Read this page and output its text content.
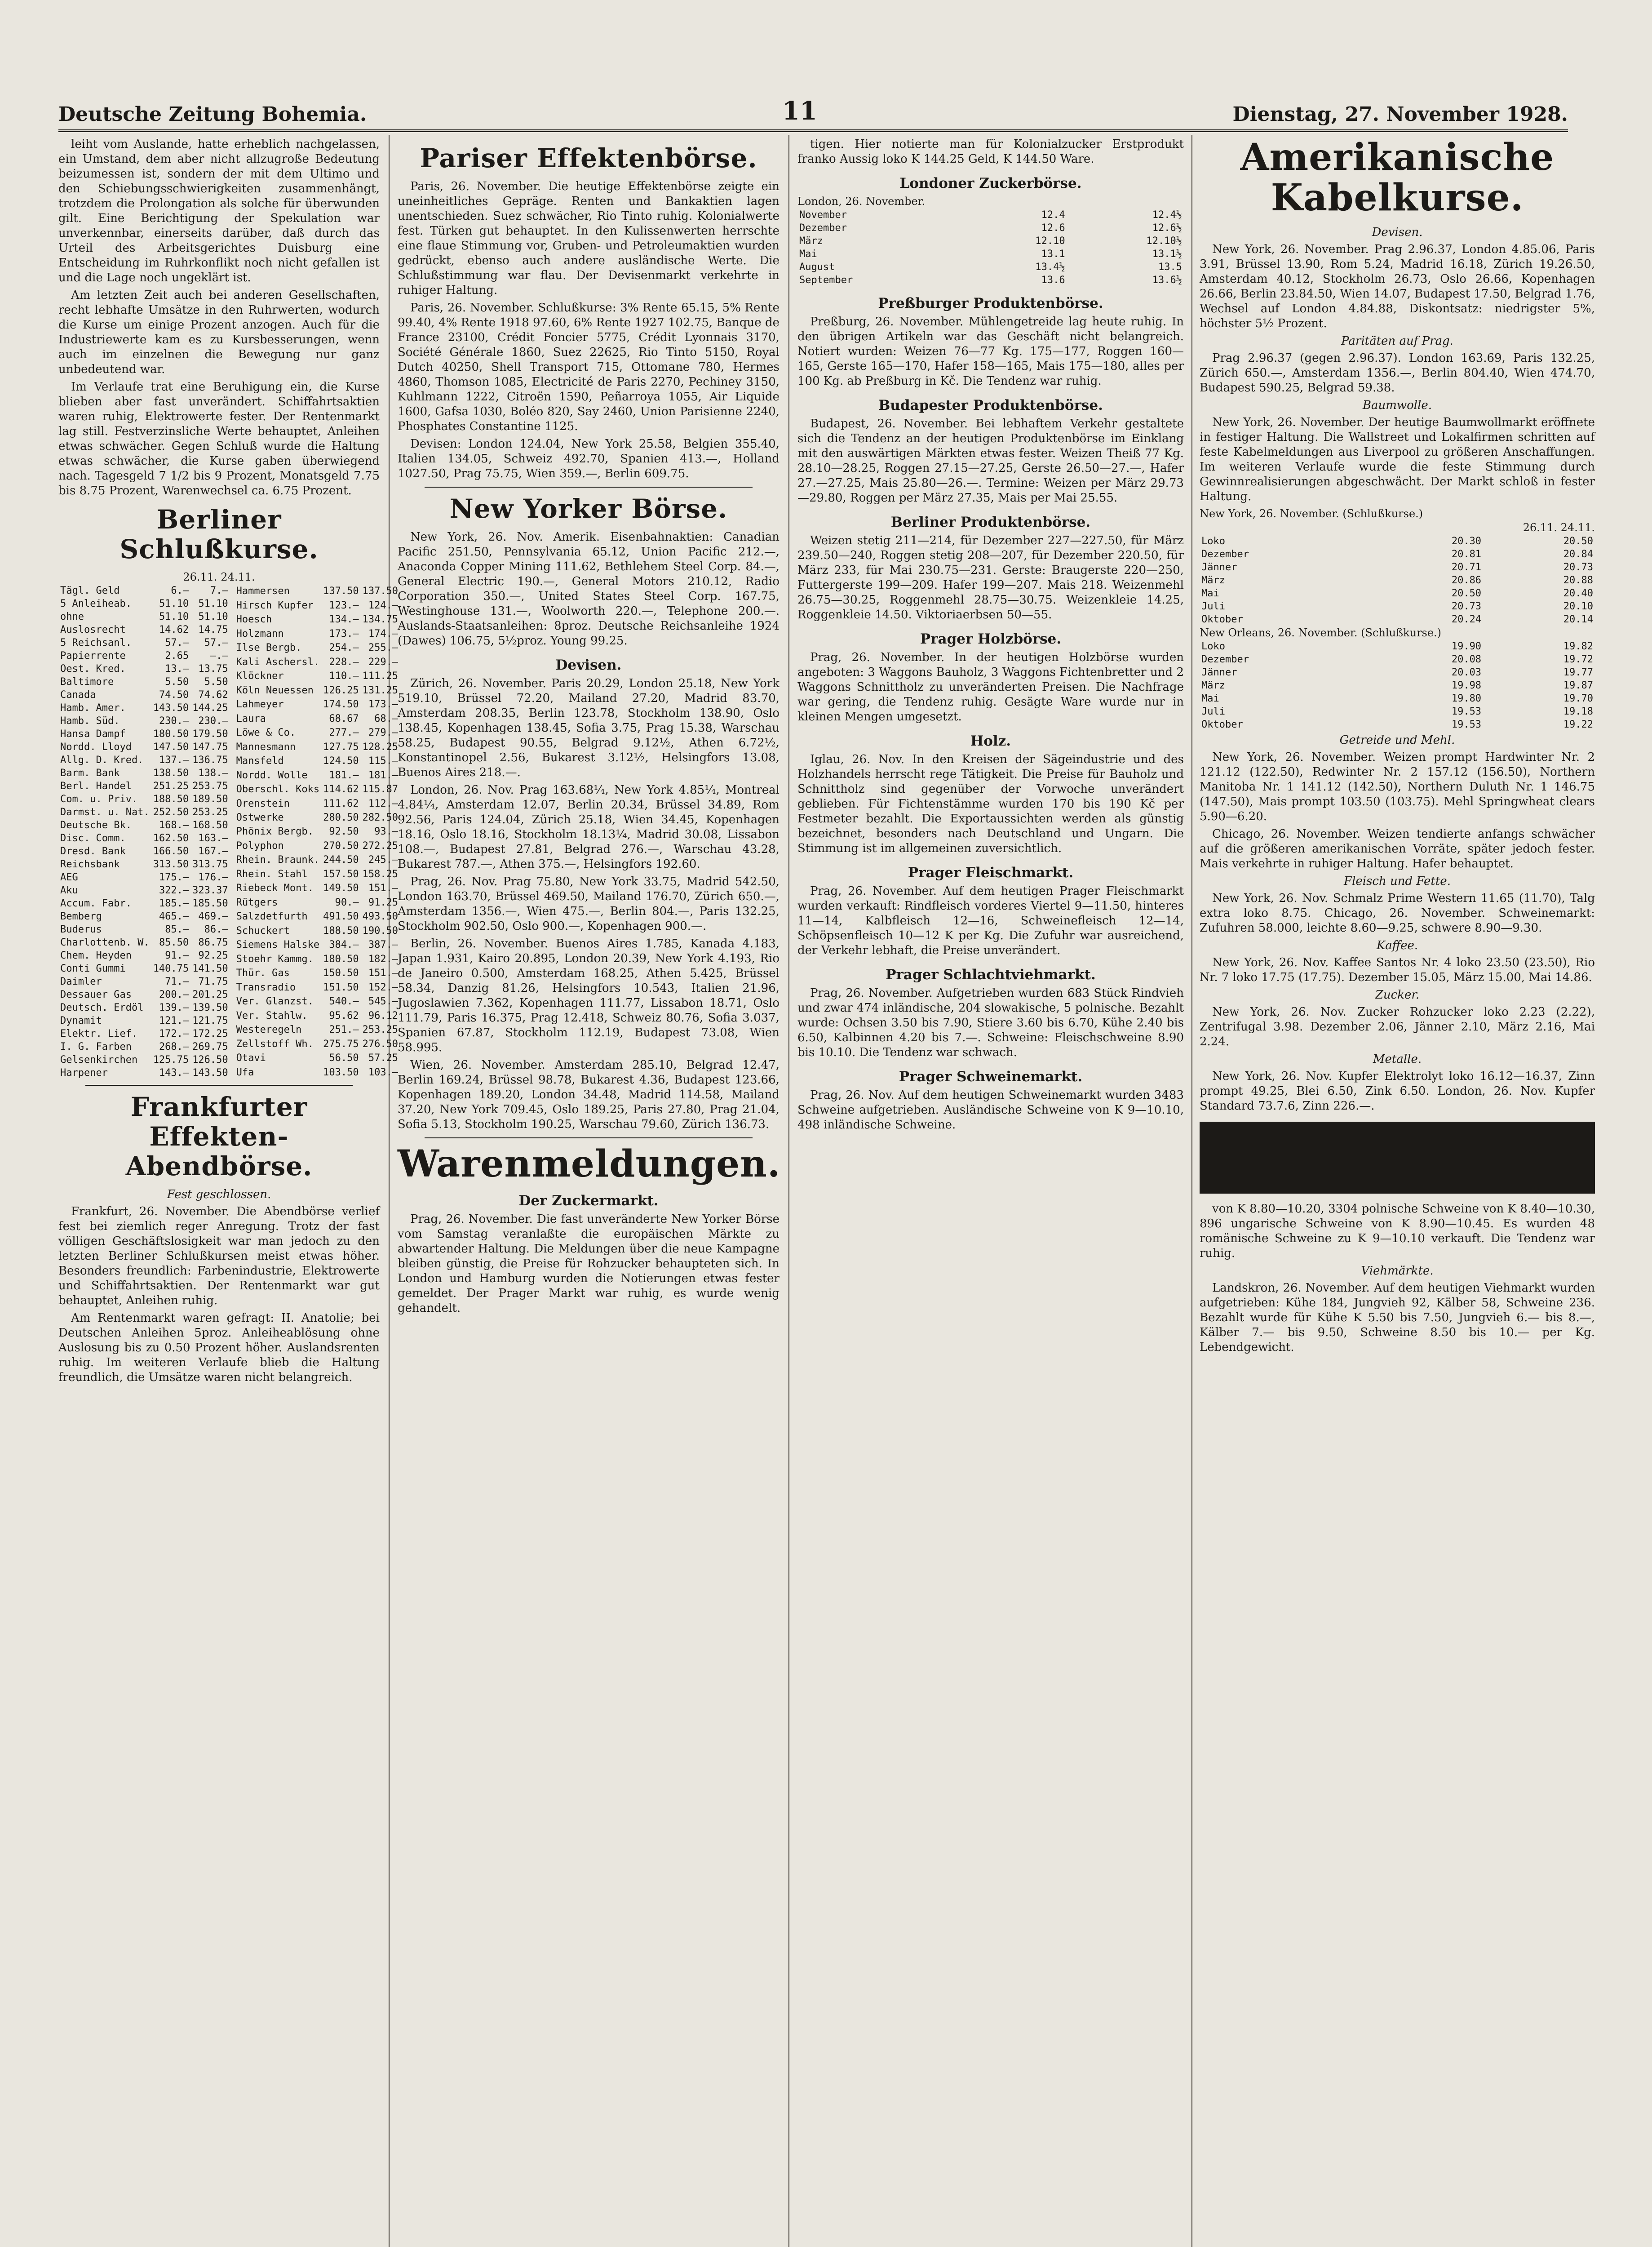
Deutsche Zeitung Bohemia.	11	Dienstag, 27. November 1928.

leiht vom Auslande, hatte erheblich nachgelassen, ein Umstand, dem aber nicht allzugroße Bedeutung beizumessen ist, sondern der mit dem Ultimo und den Schiebungsschwierigkeiten zusammenhängt, trotzdem die Prolongation als solche für überwunden gilt. Eine Berichtigung der Spekulation war unverkennbar, einerseits darüber, daß durch das Urteil des Arbeitsgerichtes Duisburg eine Entscheidung im Ruhrkonflikt noch nicht gefallen ist und die Lage noch ungeklärt ist.

Am letzten Zeit auch bei anderen Gesellschaften, recht lebhafte Umsätze in den Ruhrwerten, wodurch die Kurse um einige Prozent anzogen. Auch für die Industriewerte kam es zu Kursbesserungen, wenn auch im einzelnen die Bewegung nur ganz unbedeutend war.

Im Verlaufe trat eine Beruhigung ein, die Kurse blieben aber fast unverändert. Schiffahrtsaktien waren ruhig, Elektrowerte fester. Der Rentenmarkt lag still. Festverzinsliche Werte behauptet, Anleihen etwas schwächer. Gegen Schluß wurde die Haltung etwas schwächer, die Kurse gaben überwiegend nach. Tagesgeld 7 1/2 bis 9 Prozent, Monatsgeld 7.75 bis 8.75 Prozent, Warenwechsel ca. 6.75 Prozent.

Berliner Schlußkurse.
26.11. 24.11.
Tägl. Geld	6.—	7.—
5 Anleiheab.	51.10	51.10
ohne	51.10	51.10
Auslosrecht	14.62	14.75
5 Reichsanl.	57.—	57.—
Papierrente	2.65	—.—
Oest. Kred.	13.—	13.75
Baltimore	5.50	5.50
Canada	74.50	74.62
Hamb. Amer.	143.50	144.25
Hamb. Süd.	230.—	230.—
Hansa Dampf	180.50	179.50
Nordd. Lloyd	147.50	147.75
Allg. D. Kred.	137.—	136.75
Barm. Bank	138.50	138.—
Berl. Handel	251.25	253.75
Com. u. Priv.	188.50	189.50
Darmst. u. Nat.	252.50	253.25
Deutsche Bk.	168.—	168.50
Disc. Comm.	162.50	163.—
Dresd. Bank	166.50	167.—
Reichsbank	313.50	313.75
AEG	175.—	176.—
Aku	322.—	323.37
Accum. Fabr.	185.—	185.50
Bemberg	465.—	469.—
Buderus	85.—	86.—
Charlottenb. W.	85.50	86.75
Chem. Heyden	91.—	92.25
Conti Gummi	140.75	141.50
Daimler	71.—	71.75
Dessauer Gas	200.—	201.25
Deutsch. Erdöl	139.—	139.50
Dynamit	121.—	121.75
Elektr. Lief.	172.—	172.25
I. G. Farben	268.—	269.75
Gelsenkirchen	125.75	126.50
Harpener	143.—	143.50
Hammersen	137.50	137.50
Hirsch Kupfer	123.—	124.—
Hoesch	134.—	134.75
Holzmann	173.—	174.—
Ilse Bergb.	254.—	255.—
Kali Aschersl.	228.—	229.—
Klöckner	110.—	111.25
Köln Neuessen	126.25	131.25
Lahmeyer	174.50	173.—
Laura	68.67	68.—
Löwe & Co.	277.—	279.—
Mannesmann	127.75	128.25
Mansfeld	124.50	115.—
Nordd. Wolle	181.—	181.—
Oberschl. Koks	114.62	115.87
Orenstein	111.62	112.—
Ostwerke	280.50	282.50
Phönix Bergb.	92.50	93.—
Polyphon	270.50	272.25
Rhein. Braunk.	244.50	245.—
Rhein. Stahl	157.50	158.25
Riebeck Mont.	149.50	151.—
Rütgers	90.—	91.25
Salzdetfurth	491.50	493.50
Schuckert	188.50	190.50
Siemens Halske	384.—	387.—
Stoehr Kammg.	180.50	182.—
Thür. Gas	150.50	151.—
Transradio	151.50	152.—
Ver. Glanzst.	540.—	545.—
Ver. Stahlw.	95.62	96.12
Westeregeln	251.—	253.25
Zellstoff Wh.	275.75	276.50
Otavi	56.50	57.25
Ufa	103.50	103.—
Frankfurter Effekten-Abendbörse.
Fest geschlossen.

Frankfurt, 26. November. Die Abendbörse verlief fest bei ziemlich reger Anregung. Trotz der fast völligen Geschäftslosigkeit war man jedoch zu den letzten Berliner Schlußkursen meist etwas höher. Besonders freundlich: Farbenindustrie, Elektrowerte und Schiffahrtsaktien. Der Rentenmarkt war gut behauptet, Anleihen ruhig.

Am Rentenmarkt waren gefragt: II. Anatolie; bei Deutschen Anleihen 5proz. Anleiheablösung ohne Auslosung bis zu 0.50 Prozent höher. Auslandsrenten ruhig. Im weiteren Verlaufe blieb die Haltung freundlich, die Umsätze waren nicht belangreich.

Pariser Effektenbörse.

Paris, 26. November. Die heutige Effektenbörse zeigte ein uneinheitliches Gepräge. Renten und Bankaktien lagen unentschieden. Suez schwächer, Rio Tinto ruhig. Kolonialwerte fest. Türken gut behauptet. In den Kulissenwerten herrschte eine flaue Stimmung vor, Gruben- und Petroleumaktien wurden gedrückt, ebenso auch andere ausländische Werte. Die Schlußstimmung war flau. Der Devisenmarkt verkehrte in ruhiger Haltung.

Paris, 26. November. Schlußkurse: 3% Rente 65.15, 5% Rente 99.40, 4% Rente 1918 97.60, 6% Rente 1927 102.75, Banque de France 23100, Crédit Foncier 5775, Crédit Lyonnais 3170, Société Générale 1860, Suez 22625, Rio Tinto 5150, Royal Dutch 40250, Shell Transport 715, Ottomane 780, Hermes 4860, Thomson 1085, Electricité de Paris 2270, Pechiney 3150, Kuhlmann 1222, Citroën 1590, Peñarroya 1055, Air Liquide 1600, Gafsa 1030, Boléo 820, Say 2460, Union Parisienne 2240, Phosphates Constantine 1125.

Devisen: London 124.04, New York 25.58, Belgien 355.40, Italien 134.05, Schweiz 492.70, Spanien 413.—, Holland 1027.50, Prag 75.75, Wien 359.—, Berlin 609.75.

New Yorker Börse.

New York, 26. Nov. Amerik. Eisenbahnaktien: Canadian Pacific 251.50, Pennsylvania 65.12, Union Pacific 212.—, Anaconda Copper Mining 111.62, Bethlehem Steel Corp. 84.—, General Electric 190.—, General Motors 210.12, Radio Corporation 350.—, United States Steel Corp. 167.75, Westinghouse 131.—, Woolworth 220.—, Telephone 200.—. Auslands-Staatsanleihen: 8proz. Deutsche Reichsanleihe 1924 (Dawes) 106.75, 5½proz. Young 99.25.

Devisen.

Zürich, 26. November. Paris 20.29, London 25.18, New York 519.10, Brüssel 72.20, Mailand 27.20, Madrid 83.70, Amsterdam 208.35, Berlin 123.78, Stockholm 138.90, Oslo 138.45, Kopenhagen 138.45, Sofia 3.75, Prag 15.38, Warschau 58.25, Budapest 90.55, Belgrad 9.12½, Athen 6.72½, Konstantinopel 2.56, Bukarest 3.12½, Helsingfors 13.08, Buenos Aires 218.—.

London, 26. Nov. Prag 163.68¼, New York 4.85¼, Montreal 4.84¼, Amsterdam 12.07, Berlin 20.34, Brüssel 34.89, Rom 92.56, Paris 124.04, Zürich 25.18, Wien 34.45, Kopenhagen 18.16, Oslo 18.16, Stockholm 18.13¼, Madrid 30.08, Lissabon 108.—, Budapest 27.81, Belgrad 276.—, Warschau 43.28, Bukarest 787.—, Athen 375.—, Helsingfors 192.60.

Prag, 26. Nov. Prag 75.80, New York 33.75, Madrid 542.50, London 163.70, Brüssel 469.50, Mailand 176.70, Zürich 650.—, Amsterdam 1356.—, Wien 475.—, Berlin 804.—, Paris 132.25, Stockholm 902.50, Oslo 900.—, Kopenhagen 900.—.

Berlin, 26. November. Buenos Aires 1.785, Kanada 4.183, Japan 1.931, Kairo 20.895, London 20.39, New York 4.193, Rio de Janeiro 0.500, Amsterdam 168.25, Athen 5.425, Brüssel 58.34, Danzig 81.26, Helsingfors 10.543, Italien 21.96, Jugoslawien 7.362, Kopenhagen 111.77, Lissabon 18.71, Oslo 111.79, Paris 16.375, Prag 12.418, Schweiz 80.76, Sofia 3.037, Spanien 67.87, Stockholm 112.19, Budapest 73.08, Wien 58.995.

Wien, 26. November. Amsterdam 285.10, Belgrad 12.47, Berlin 169.24, Brüssel 98.78, Bukarest 4.36, Budapest 123.66, Kopenhagen 189.20, London 34.48, Madrid 114.58, Mailand 37.20, New York 709.45, Oslo 189.25, Paris 27.80, Prag 21.04, Sofia 5.13, Stockholm 190.25, Warschau 79.60, Zürich 136.73.

Warenmeldungen.
Der Zuckermarkt.

Prag, 26. November. Die fast unveränderte New Yorker Börse vom Samstag veranlaßte die europäischen Märkte zu abwartender Haltung. Die Meldungen über die neue Kampagne bleiben günstig, die Preise für Rohzucker behaupteten sich. In London und Hamburg wurden die Notierungen etwas fester gemeldet. Der Prager Markt war ruhig, es wurde wenig gehandelt.

tigen. Hier notierte man für Kolonialzucker Erstprodukt franko Aussig loko K 144.25 Geld, K 144.50 Ware.

Londoner Zuckerbörse.
London, 26. November.
November	12.4	12.4½
Dezember	12.6	12.6½
März	12.10	12.10½
Mai	13.1	13.1½
August	13.4½	13.5
September	13.6	13.6½
Preßburger Produktenbörse.

Preßburg, 26. November. Mühlengetreide lag heute ruhig. In den übrigen Artikeln war das Geschäft nicht belangreich. Notiert wurden: Weizen 76—77 Kg. 175—177, Roggen 160—165, Gerste 165—170, Hafer 158—165, Mais 175—180, alles per 100 Kg. ab Preßburg in Kč. Die Tendenz war ruhig.

Budapester Produktenbörse.

Budapest, 26. November. Bei lebhaftem Verkehr gestaltete sich die Tendenz an der heutigen Produktenbörse im Einklang mit den auswärtigen Märkten etwas fester. Weizen Theiß 77 Kg. 28.10—28.25, Roggen 27.15—27.25, Gerste 26.50—27.—, Hafer 27.—27.25, Mais 25.80—26.—. Termine: Weizen per März 29.73—29.80, Roggen per März 27.35, Mais per Mai 25.55.

Berliner Produktenbörse.

Weizen stetig 211—214, für Dezember 227—227.50, für März 239.50—240, Roggen stetig 208—207, für Dezember 220.50, für März 233, für Mai 230.75—231. Gerste: Braugerste 220—250, Futtergerste 199—209. Hafer 199—207. Mais 218. Weizenmehl 26.75—30.25, Roggenmehl 28.75—30.75. Weizenkleie 14.25, Roggenkleie 14.50. Viktoriaerbsen 50—55.

Prager Holzbörse.

Prag, 26. November. In der heutigen Holzbörse wurden angeboten: 3 Waggons Bauholz, 3 Waggons Fichtenbretter und 2 Waggons Schnittholz zu unveränderten Preisen. Die Nachfrage war gering, die Tendenz ruhig. Gesägte Ware wurde nur in kleinen Mengen umgesetzt.

Holz.

Iglau, 26. Nov. In den Kreisen der Sägeindustrie und des Holzhandels herrscht rege Tätigkeit. Die Preise für Bauholz und Schnittholz sind gegenüber der Vorwoche unverändert geblieben. Für Fichtenstämme wurden 170 bis 190 Kč per Festmeter bezahlt. Die Exportaussichten werden als günstig bezeichnet, besonders nach Deutschland und Ungarn. Die Stimmung ist im allgemeinen zuversichtlich.

Prager Fleischmarkt.

Prag, 26. November. Auf dem heutigen Prager Fleischmarkt wurden verkauft: Rindfleisch vorderes Viertel 9—11.50, hinteres 11—14, Kalbfleisch 12—16, Schweinefleisch 12—14, Schöpsenfleisch 10—12 K per Kg. Die Zufuhr war ausreichend, der Verkehr lebhaft, die Preise unverändert.

Prager Schlachtviehmarkt.

Prag, 26. November. Aufgetrieben wurden 683 Stück Rindvieh und zwar 474 inländische, 204 slowakische, 5 polnische. Bezahlt wurde: Ochsen 3.50 bis 7.90, Stiere 3.60 bis 6.70, Kühe 2.40 bis 6.50, Kalbinnen 4.20 bis 7.—. Schweine: Fleischschweine 8.90 bis 10.10. Die Tendenz war schwach.

Prager Schweinemarkt.

Prag, 26. Nov. Auf dem heutigen Schweinemarkt wurden 3483 Schweine aufgetrieben. Ausländische Schweine von K 9—10.10, 498 inländische Schweine.

Amerikanische Kabelkurse.
Devisen.

New York, 26. November. Prag 2.96.37, London 4.85.06, Paris 3.91, Brüssel 13.90, Rom 5.24, Madrid 16.18, Zürich 19.26.50, Amsterdam 40.12, Stockholm 26.73, Oslo 26.66, Kopenhagen 26.66, Berlin 23.84.50, Wien 14.07, Budapest 17.50, Belgrad 1.76, Wechsel auf London 4.84.88, Diskontsatz: niedrigster 5%, höchster 5½ Prozent.

Paritäten auf Prag.

Prag 2.96.37 (gegen 2.96.37). London 163.69, Paris 132.25, Zürich 650.—, Amsterdam 1356.—, Berlin 804.40, Wien 474.70, Budapest 590.25, Belgrad 59.38.

Baumwolle.

New York, 26. November. Der heutige Baumwollmarkt eröffnete in festiger Haltung. Die Wallstreet und Lokalfirmen schritten auf feste Kabelmeldungen aus Liverpool zu größeren Anschaffungen. Im weiteren Verlaufe wurde die feste Stimmung durch Gewinnrealisierungen abgeschwächt. Der Markt schloß in fester Haltung.

New York, 26. November. (Schlußkurse.)
26.11. 24.11.
Loko	20.30	20.50
Dezember	20.81	20.84
Jänner	20.71	20.73
März	20.86	20.88
Mai	20.50	20.40
Juli	20.73	20.10
Oktober	20.24	20.14
New Orleans, 26. November. (Schlußkurse.)
Loko	19.90	19.82
Dezember	20.08	19.72
Jänner	20.03	19.77
März	19.98	19.87
Mai	19.80	19.70
Juli	19.53	19.18
Oktober	19.53	19.22
Getreide und Mehl.

New York, 26. November. Weizen prompt Hardwinter Nr. 2 121.12 (122.50), Redwinter Nr. 2 157.12 (156.50), Northern Manitoba Nr. 1 141.12 (142.50), Northern Duluth Nr. 1 146.75 (147.50), Mais prompt 103.50 (103.75). Mehl Springwheat clears 5.90—6.20.

Chicago, 26. November. Weizen tendierte anfangs schwächer auf die größeren amerikanischen Vorräte, später jedoch fester. Mais verkehrte in ruhiger Haltung. Hafer behauptet.

Fleisch und Fette.

New York, 26. Nov. Schmalz Prime Western 11.65 (11.70), Talg extra loko 8.75. Chicago, 26. November. Schweinemarkt: Zufuhren 58.000, leichte 8.60—9.25, schwere 8.90—9.30.

Kaffee.

New York, 26. Nov. Kaffee Santos Nr. 4 loko 23.50 (23.50), Rio Nr. 7 loko 17.75 (17.75). Dezember 15.05, März 15.00, Mai 14.86.

Zucker.

New York, 26. Nov. Zucker Rohzucker loko 2.23 (2.22), Zentrifugal 3.98. Dezember 2.06, Jänner 2.10, März 2.16, Mai 2.24.

Metalle.

New York, 26. Nov. Kupfer Elektrolyt loko 16.12—16.37, Zinn prompt 49.25, Blei 6.50, Zink 6.50. London, 26. Nov. Kupfer Standard 73.7.6, Zinn 226.—.

von K 8.80—10.20, 3304 polnische Schweine von K 8.40—10.30, 896 ungarische Schweine von K 8.90—10.45. Es wurden 48 romänische Schweine zu K 9—10.10 verkauft. Die Tendenz war ruhig.

Viehmärkte.

Landskron, 26. November. Auf dem heutigen Viehmarkt wurden aufgetrieben: Kühe 184, Jungvieh 92, Kälber 58, Schweine 236. Bezahlt wurde für Kühe K 5.50 bis 7.50, Jungvieh 6.— bis 8.—, Kälber 7.— bis 9.50, Schweine 8.50 bis 10.— per Kg. Lebendgewicht.
